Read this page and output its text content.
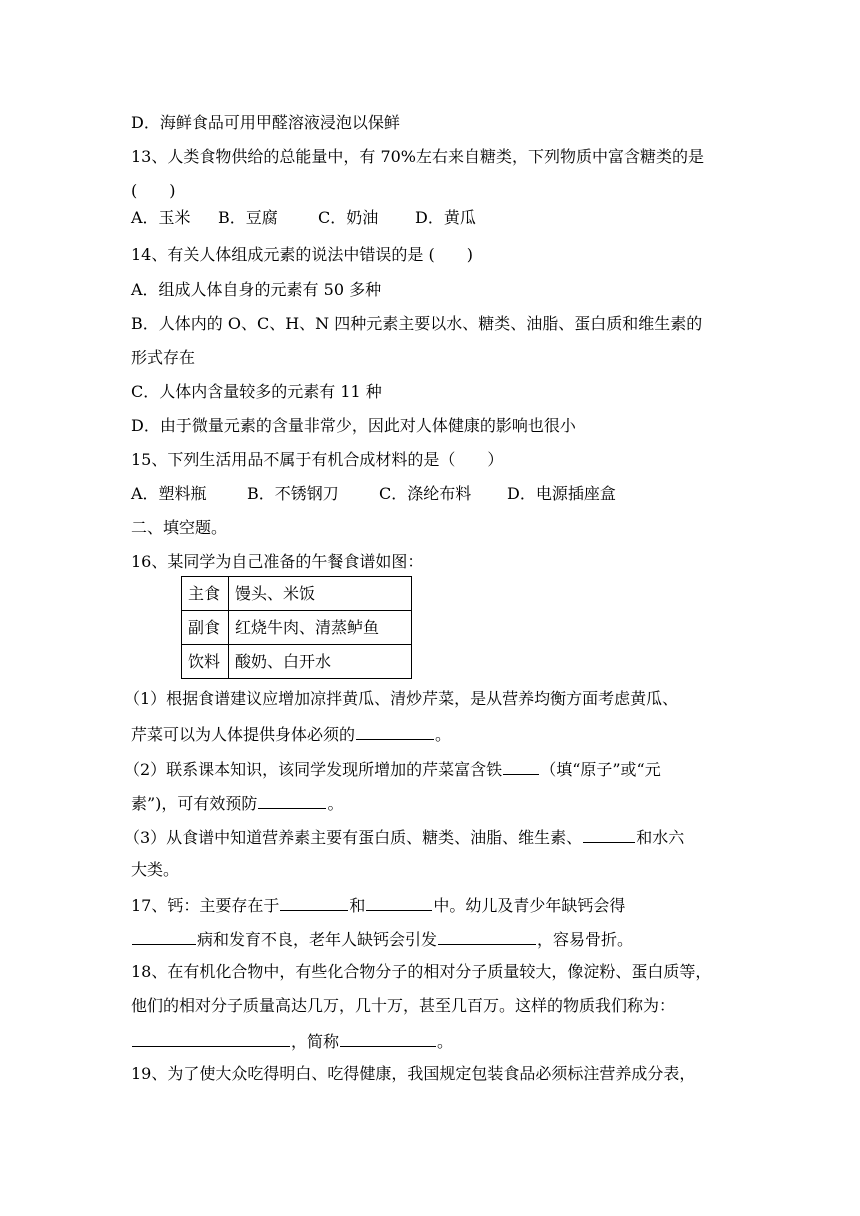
D．海鲜食品可用甲醛溶液浸泡以保鲜
13、人类食物供给的总能量中，有 70%左右来自糖类，下列物质中富含糖类的是
(　　)
A．玉米 B．豆腐	C．奶油 D．黄瓜
14、有关人体组成元素的说法中错误的是 (　　)
A．组成人体自身的元素有 50 多种
B．人体内的 O、C、H、N 四种元素主要以水、糖类、油脂、蛋白质和维生素的
形式存在
C．人体内含量较多的元素有 11 种
D．由于微量元素的含量非常少，因此对人体健康的影响也很小
15、下列生活用品不属于有机合成材料的是（　　）
A．塑料瓶	B．不锈钢刀	C．涤纶布料 D．电源插座盒
二、填空题。
16、某同学为自己准备的午餐食谱如图：
主食	馒头、米饭
副食	红烧牛肉、清蒸鲈鱼
饮料	酸奶、白开水
（1）根据食谱建议应增加凉拌黄瓜、清炒芹菜，是从营养均衡方面考虑黄瓜、
芹菜可以为人体提供身体必须的	。
（2）联系课本知识，该同学发现所增加的芹菜富含铁 （填“原子”或“元
素”)，可有效预防	。
（3）从食谱中知道营养素主要有蛋白质、糖类、油脂、维生素、	和水六
大类。
17、钙：主要存在于	和	中。幼儿及青少年缺钙会得
病和发育不良，老年人缺钙会引发	，容易骨折。
18、在有机化合物中，有些化合物分子的相对分子质量较大，像淀粉、蛋白质等，
他们的相对分子质量高达几万，几十万，甚至几百万。这样的物质我们称为：
，简称	。
19、为了使大众吃得明白、吃得健康，我国规定包装食品必须标注营养成分表，
